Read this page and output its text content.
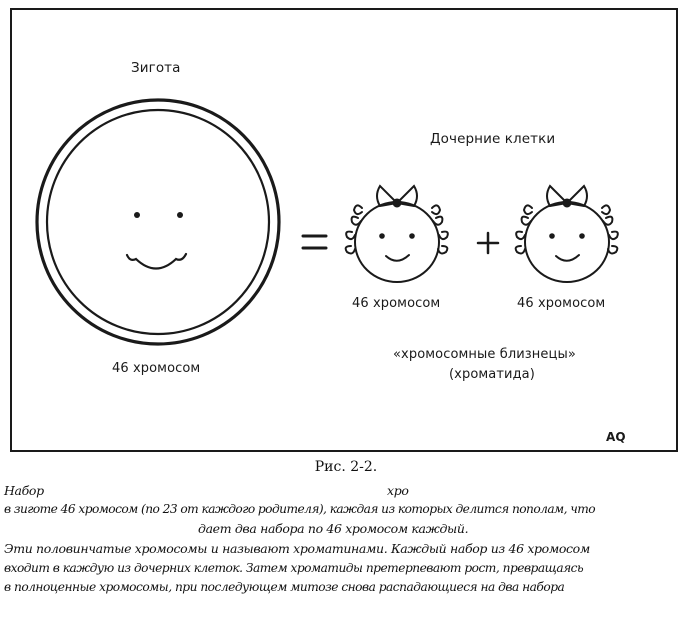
Зигота
Дочерние клетки
46 хромосом
46 хромосом	46 хромосом
«хромосомные близнецы»
(хроматида)
AQ
Рис. 2-2.
Набор	хро
в зиготе 46 хромосом (по 23 от каждого родителя), каждая из которых делится пополам, что
дает два набора по 46 хромосом каждый.
Эти половинчатые хромосомы и называют хроматинами. Каждый набор из 46 хромосом
входит в каждую из дочерних клеток. Затем хроматиды претерпевают рост, превращаясь
в полноценные хромосомы, при последующем митозе снова распадающиеся на два набора
